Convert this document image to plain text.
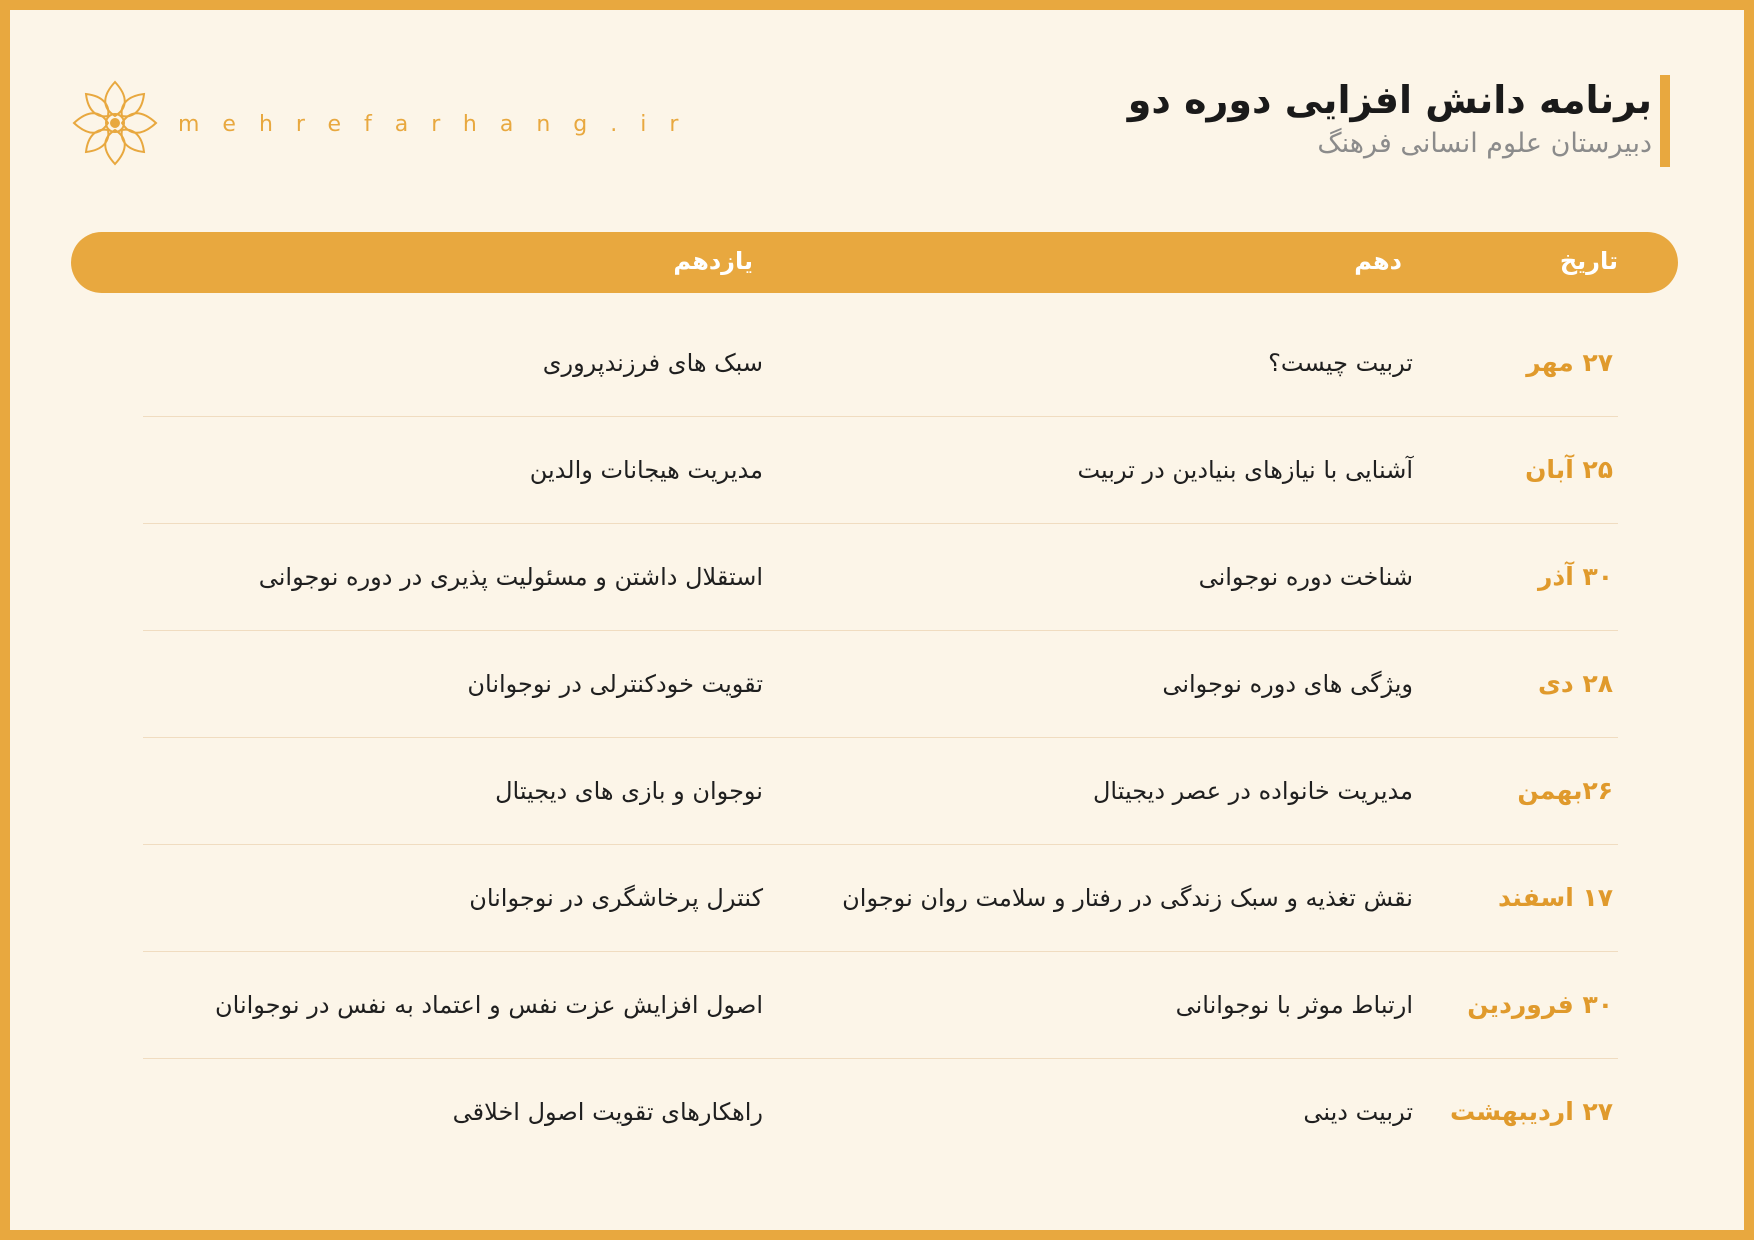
mehrefarhang.ir
برنامه دانش افزایی دوره دو
دبیرستان علوم انسانی فرهنگ
تاریخ
دهم
یازدهم
۲۷ مهر
تربیت چیست؟
سبک های فرزندپروری
۲۵ آبان
آشنایی با نیازهای بنیادین در تربیت
مدیریت هیجانات والدین
۳۰ آذر
شناخت دوره نوجوانی
استقلال داشتن و مسئولیت پذیری در دوره نوجوانی
۲۸ دی
ویژگی های دوره نوجوانی
تقویت خودکنترلی در نوجوانان
۲۶بهمن
مدیریت خانواده در عصر دیجیتال
نوجوان و بازی های دیجیتال
۱۷ اسفند
نقش تغذیه و سبک زندگی در رفتار و سلامت روان نوجوان
کنترل پرخاشگری در نوجوانان
۳۰ فروردین
ارتباط موثر با نوجوانانی
اصول افزایش عزت نفس و اعتماد به نفس در نوجوانان
۲۷ اردیبهشت
تربیت دینی
راهکارهای تقویت اصول اخلاقی
